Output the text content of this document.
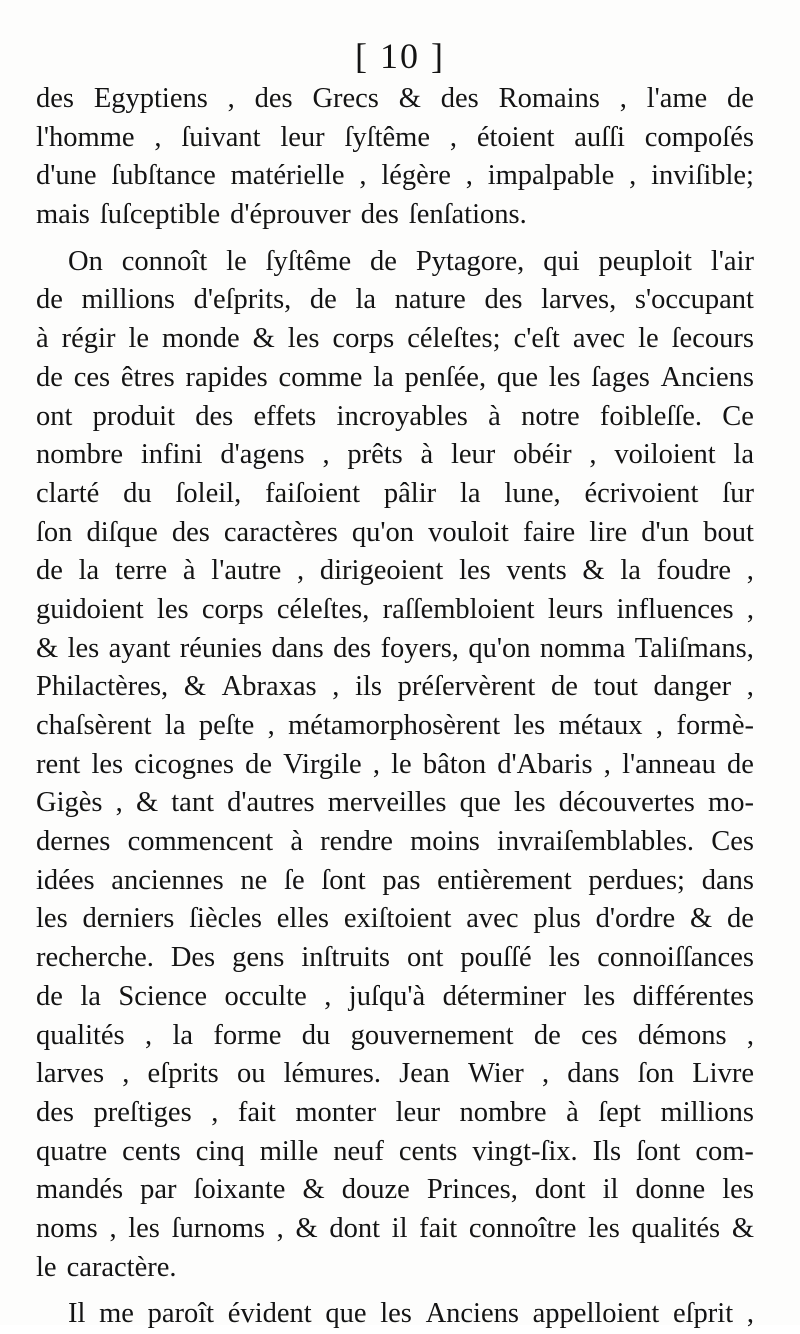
[ 10 ]
des Egyptiens , des Grecs & des Romains , l'ame de
l'homme , ſuivant leur ſyſtême , étoient auſſi compoſés
d'une ſubſtance matérielle , légère , impalpable , inviſible;
mais ſuſceptible d'éprouver des ſenſations.
On connoît le ſyſtême de Pytagore, qui peuploit l'air
de millions d'eſprits, de la nature des larves, s'occupant
à régir le monde & les corps céleſtes; c'eſt avec le ſecours
de ces êtres rapides comme la penſée, que les ſages Anciens
ont produit des effets incroyables à notre foibleſſe. Ce
nombre infini d'agens , prêts à leur obéir , voiloient la
clarté du ſoleil, faiſoient pâlir la lune, écrivoient ſur
ſon diſque des caractères qu'on vouloit faire lire d'un bout
de la terre à l'autre , dirigeoient les vents & la foudre ,
guidoient les corps céleſtes, raſſembloient leurs influences ,
& les ayant réunies dans des foyers, qu'on nomma Taliſmans,
Philactères, & Abraxas , ils préſervèrent de tout danger ,
chaſsèrent la peſte , métamorphosèrent les métaux , formè-
rent les cicognes de Virgile , le bâton d'Abaris , l'anneau de
Gigès , & tant d'autres merveilles que les découvertes mo-
dernes commencent à rendre moins invraiſemblables. Ces
idées anciennes ne ſe ſont pas entièrement perdues; dans
les derniers ſiècles elles exiſtoient avec plus d'ordre & de
recherche. Des gens inſtruits ont pouſſé les connoiſſances
de la Science occulte , juſqu'à déterminer les différentes
qualités , la forme du gouvernement de ces démons ,
larves , eſprits ou lémures. Jean Wier , dans ſon Livre
des preſtiges , fait monter leur nombre à ſept millions
quatre cents cinq mille neuf cents vingt-ſix. Ils ſont com-
mandés par ſoixante & douze Princes, dont il donne les
noms , les ſurnoms , & dont il fait connoître les qualités &
le caractère.
Il me paroît évident que les Anciens appelloient eſprit ,
